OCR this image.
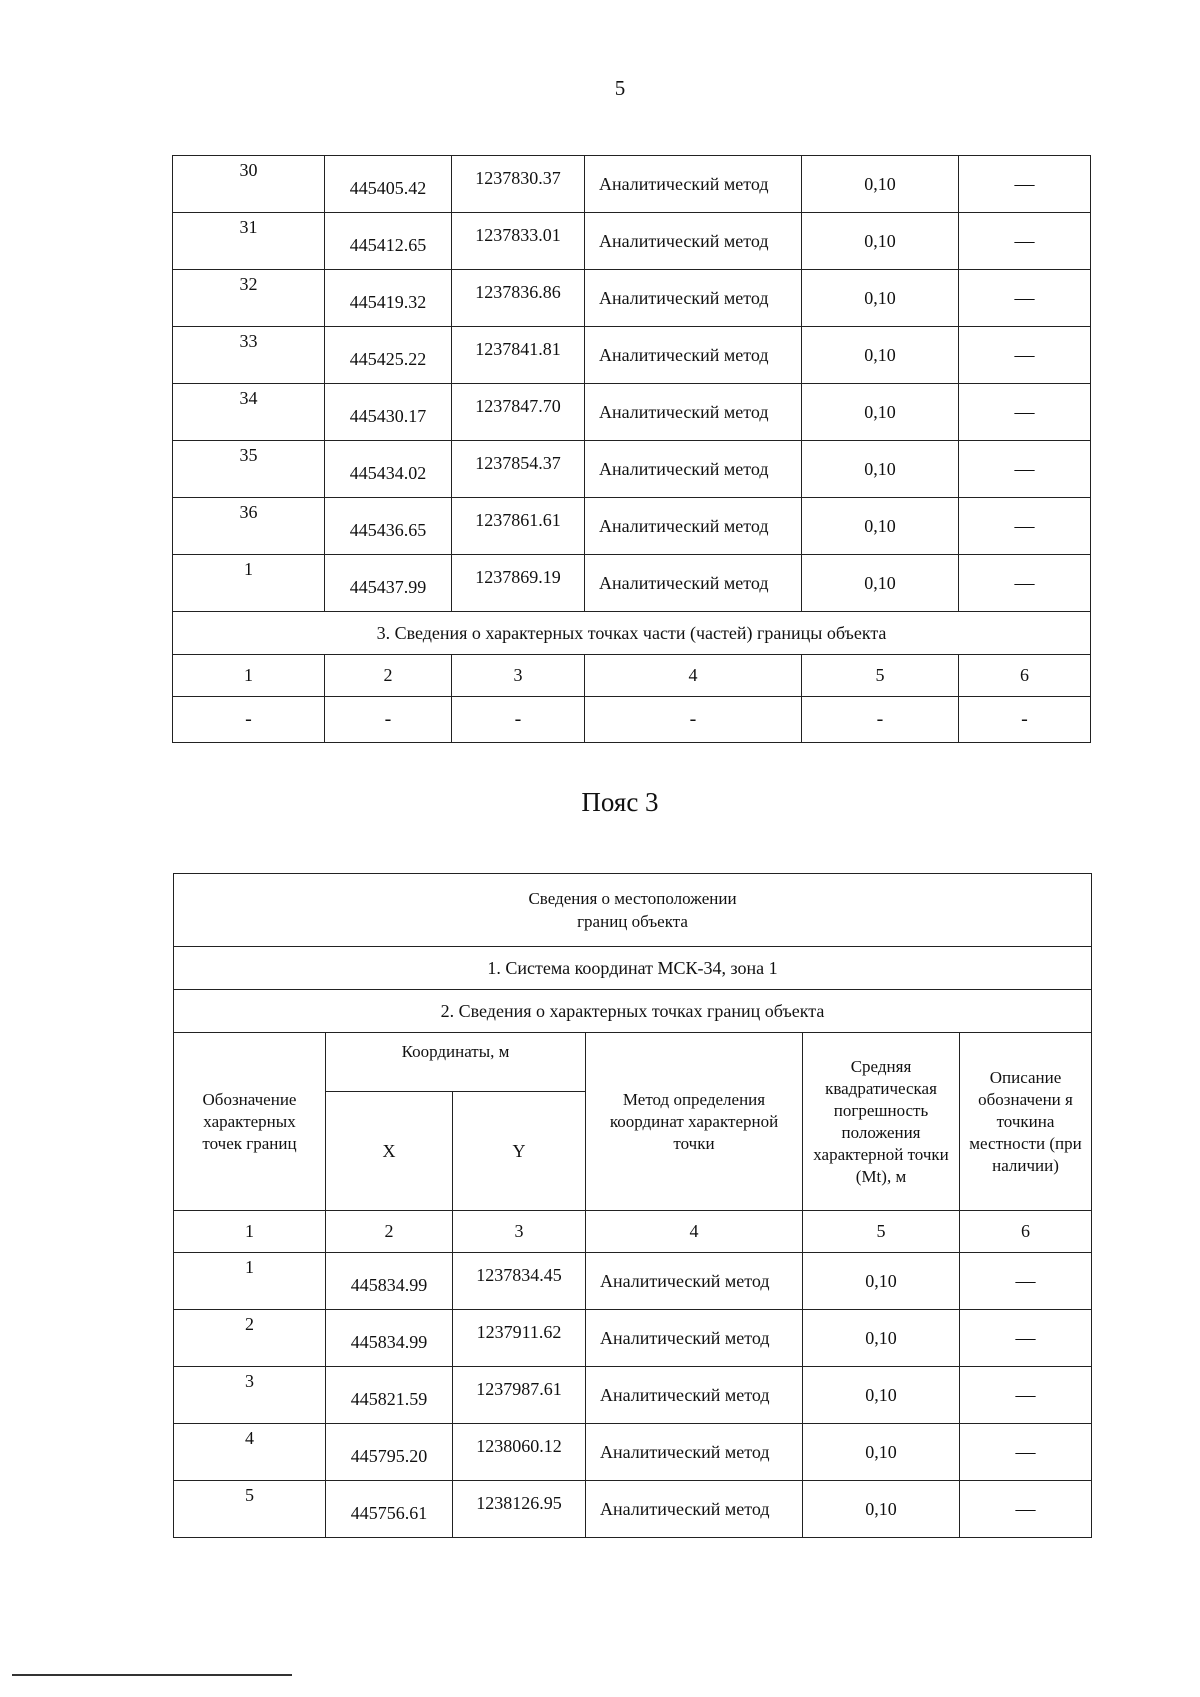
5
30	445405.42	1237830.37	Аналитический метод	0,10	—

31	445412.65	1237833.01	Аналитический метод	0,10	—

32	445419.32	1237836.86	Аналитический метод	0,10	—

33	445425.22	1237841.81	Аналитический метод	0,10	—

34	445430.17	1237847.70	Аналитический метод	0,10	—

35	445434.02	1237854.37	Аналитический метод	0,10	—

36	445436.65	1237861.61	Аналитический метод	0,10	—

1	445437.99	1237869.19	Аналитический метод	0,10	—
3. Сведения о характерных точках части (частей) границы объекта					
1	2	3	4	5	6
-	-	-	-	-	-
Пояс 3
Сведения о местоположении
границ объекта					

1. Система координат МСК-34, зона 1					
2. Сведения о характерных точках границ объекта					
Обозначение характерных точек границ	Координаты, м		Метод определения координат характерной точки	Средняя квадратическая погрешность положения характерной точки (Mt), м	Описание обозначени я точкина местности (при наличии)
	X	Y			
1	2	3	4	5	6

1	445834.99	1237834.45	Аналитический метод	0,10	—

2	445834.99	1237911.62	Аналитический метод	0,10	—

3	445821.59	1237987.61	Аналитический метод	0,10	—

4	445795.20	1238060.12	Аналитический метод	0,10	—

5	445756.61	1238126.95	Аналитический метод	0,10	—
